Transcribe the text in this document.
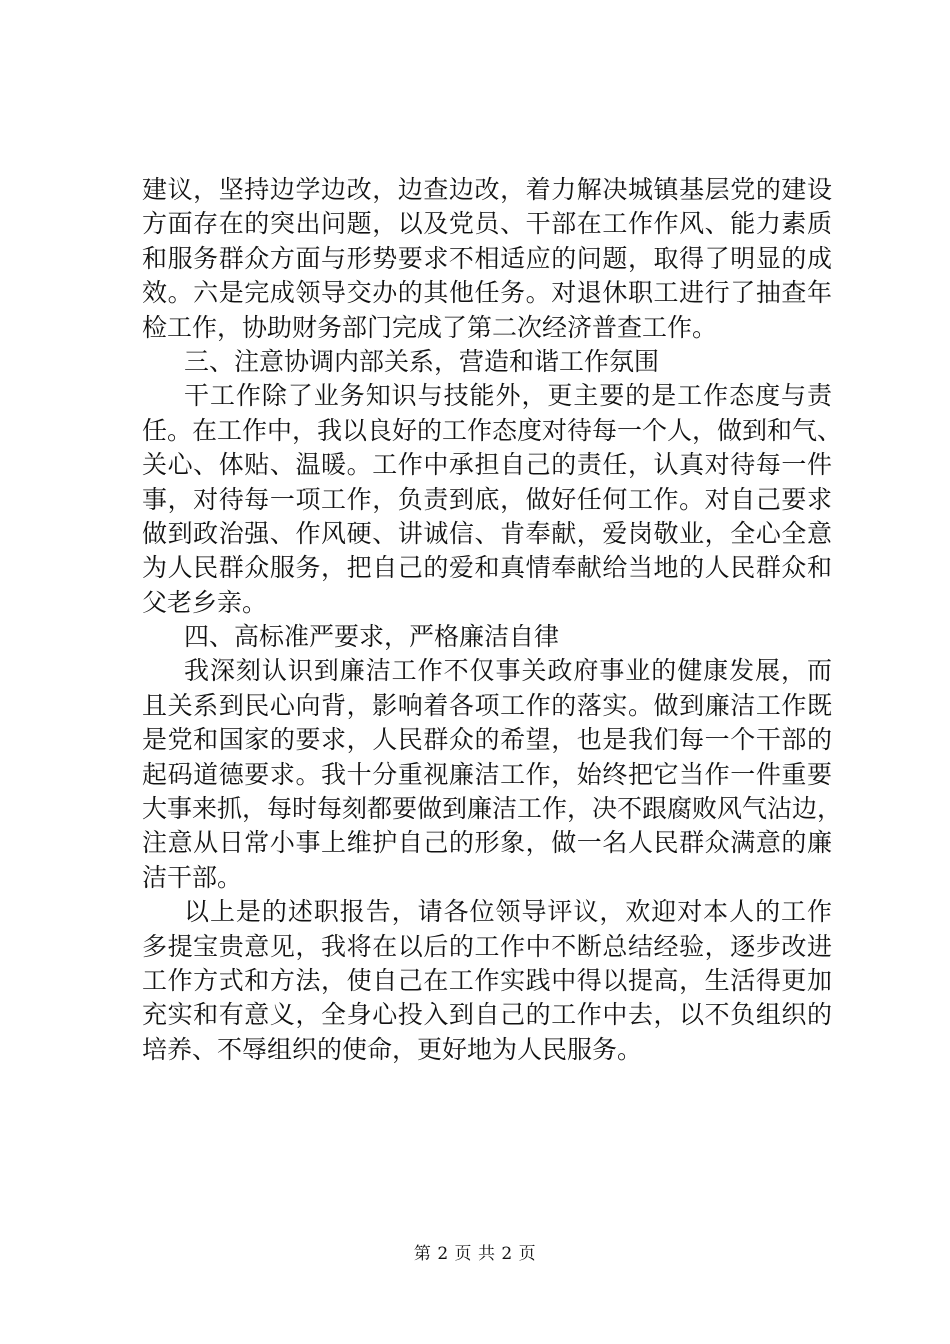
建议，坚持边学边改，边查边改，着力解决城镇基层党的建设
方面存在的突出问题，以及党员、干部在工作作风、能力素质
和服务群众方面与形势要求不相适应的问题，取得了明显的成
效。六是完成领导交办的其他任务。对退休职工进行了抽查年
检工作，协助财务部门完成了第二次经济普查工作。
三、注意协调内部关系，营造和谐工作氛围
干工作除了业务知识与技能外，更主要的是工作态度与责
任。在工作中，我以良好的工作态度对待每一个人，做到和气、
关心、体贴、温暖。工作中承担自己的责任，认真对待每一件
事，对待每一项工作，负责到底，做好任何工作。对自己要求
做到政治强、作风硬、讲诚信、肯奉献，爱岗敬业，全心全意
为人民群众服务，把自己的爱和真情奉献给当地的人民群众和
父老乡亲。
四、高标准严要求，严格廉洁自律
我深刻认识到廉洁工作不仅事关政府事业的健康发展，而
且关系到民心向背，影响着各项工作的落实。做到廉洁工作既
是党和国家的要求，人民群众的希望，也是我们每一个干部的
起码道德要求。我十分重视廉洁工作，始终把它当作一件重要
大事来抓，每时每刻都要做到廉洁工作，决不跟腐败风气沾边，
注意从日常小事上维护自己的形象，做一名人民群众满意的廉
洁干部。
以上是的述职报告，请各位领导评议，欢迎对本人的工作
多提宝贵意见，我将在以后的工作中不断总结经验，逐步改进
工作方式和方法，使自己在工作实践中得以提高，生活得更加
充实和有意义，全身心投入到自己的工作中去，以不负组织的
培养、不辱组织的使命，更好地为人民服务。
第 2 页 共 2 页
